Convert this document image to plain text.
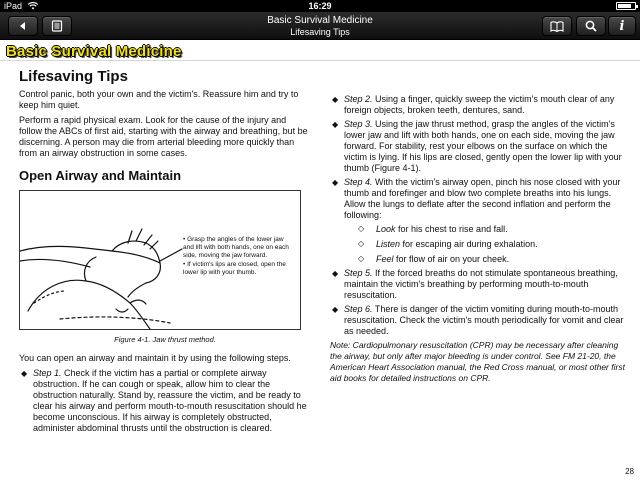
iPad	16:29
Basic Survival Medicine
Lifesaving Tips	i
Basic Survival Medicine
Lifesaving Tips

Control panic, both your own and the victim's. Reassure him and try to keep him quiet.

Perform a rapid physical exam. Look for the cause of the injury and follow the ABCs of first aid, starting with the airway and breathing, but be discerning. A person may die from arterial bleeding more quickly than from an airway obstruction in some cases.

Open Airway and Maintain
• Grasp the angles of the lower jaw and lift with both hands, one on each side, moving the jaw forward.
• If victim's lips are closed, open the lower lip with your thumb.
Figure 4-1. Jaw thrust method.

You can open an airway and maintain it by using the following steps.

◆ Step 1. Check if the victim has a partial or complete airway obstruction. If he can cough or speak, allow him to clear the obstruction naturally. Stand by, reassure the victim, and be ready to clear his airway and perform mouth-to-mouth resuscitation should he become unconscious. If his airway is completely obstructed, administer abdominal thrusts until the obstruction is cleared.
◆ Step 2. Using a finger, quickly sweep the victim's mouth clear of any foreign objects, broken teeth, dentures, sand.
◆ Step 3. Using the jaw thrust method, grasp the angles of the victim's lower jaw and lift with both hands, one on each side, moving the jaw forward. For stability, rest your elbows on the surface on which the victim is lying. If his lips are closed, gently open the lower lip with your thumb (Figure 4-1).
◆ Step 4. With the victim's airway open, pinch his nose closed with your thumb and forefinger and blow two complete breaths into his lungs. Allow the lungs to deflate after the second inflation and perform the following:
◇ Look for his chest to rise and fall.
◇ Listen for escaping air during exhalation.
◇ Feel for flow of air on your cheek.
◆ Step 5. If the forced breaths do not stimulate spontaneous breathing, maintain the victim's breathing by performing mouth-to-mouth resuscitation.
◆ Step 6. There is danger of the victim vomiting during mouth-to-mouth resuscitation. Check the victim's mouth periodically for vomit and clear as needed.

Note: Cardiopulmonary resuscitation (CPR) may be necessary after cleaning the airway, but only after major bleeding is under control. See FM 21-20, the American Heart Association manual, the Red Cross manual, or most other first aid books for detailed instructions on CPR.

28
